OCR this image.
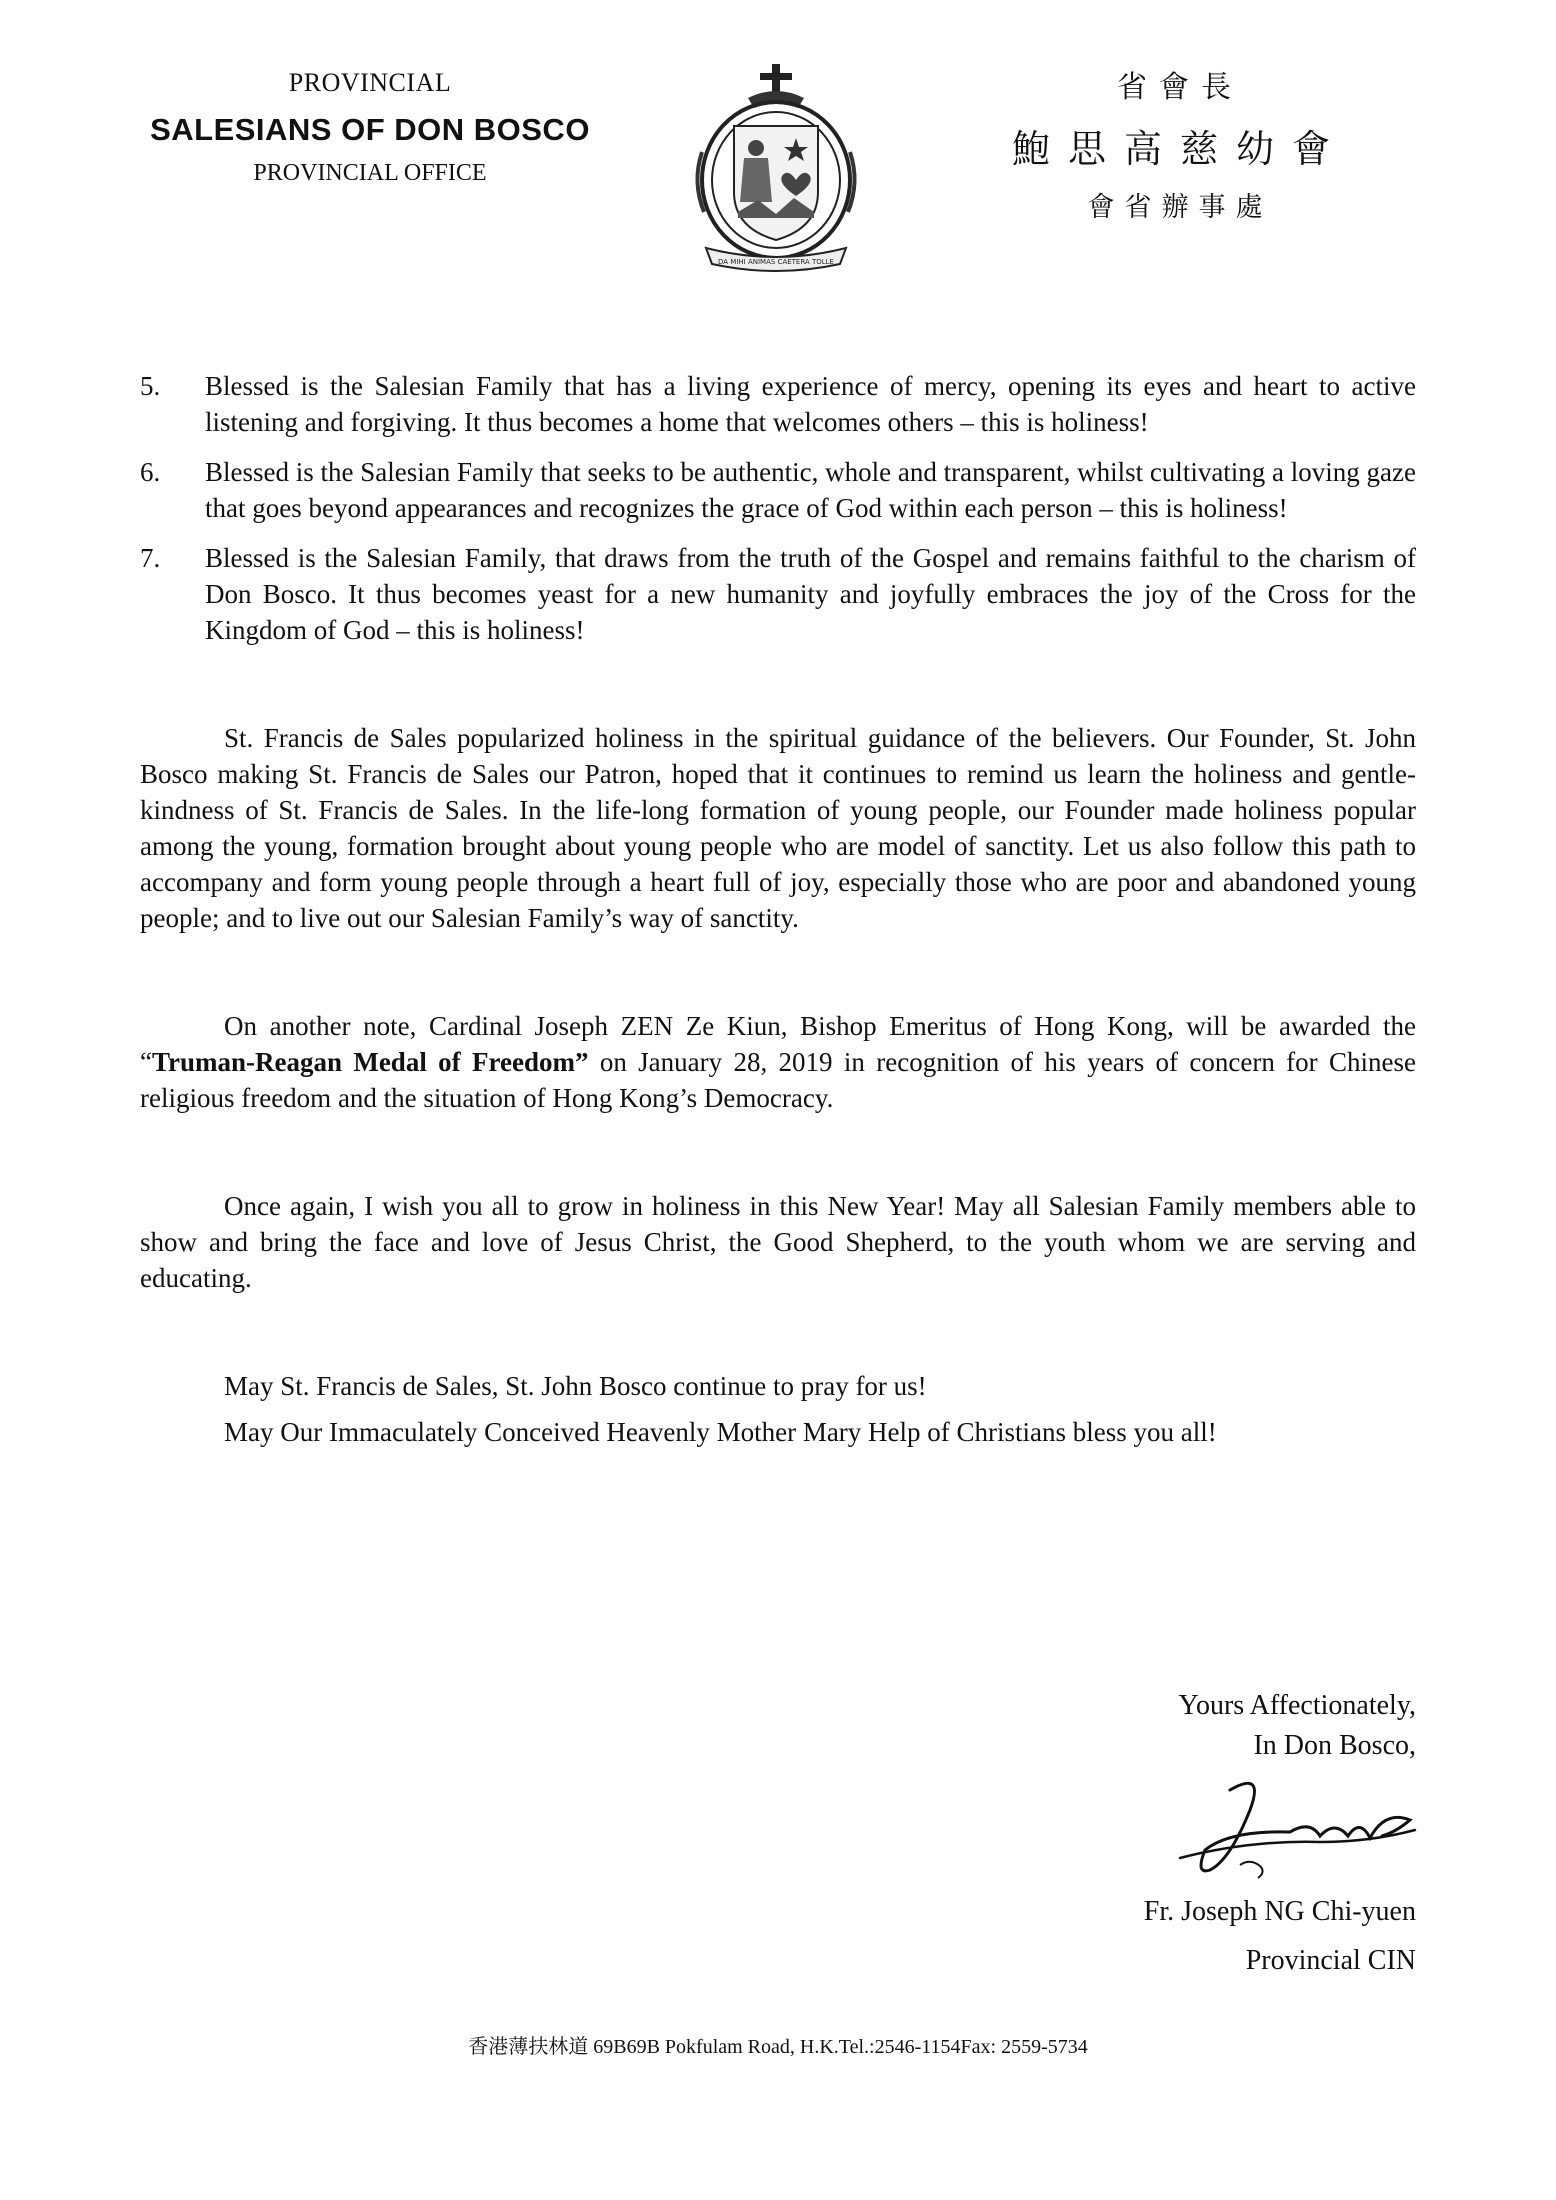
PROVINCIAL
SALESIANS OF DON BOSCO
PROVINCIAL OFFICE
DA MIHI ANIMAS CAETERA TOLLE
省會長
鮑思高慈幼會
會省辦事處
5.	Blessed is the Salesian Family that has a living experience of mercy, opening its eyes and heart to active listening and forgiving. It thus becomes a home that welcomes others – this is holiness!
6.	Blessed is the Salesian Family that seeks to be authentic, whole and transparent, whilst cultivating a loving gaze that goes beyond appearances and recognizes the grace of God within each person – this is holiness!
7.	Blessed is the Salesian Family, that draws from the truth of the Gospel and remains faithful to the charism of Don Bosco. It thus becomes yeast for a new humanity and joyfully embraces the joy of the Cross for the Kingdom of God – this is holiness!

St. Francis de Sales popularized holiness in the spiritual guidance of the believers. Our Founder, St. John Bosco making St. Francis de Sales our Patron, hoped that it continues to remind us learn the holiness and gentle-kindness of St. Francis de Sales. In the life-long formation of young people, our Founder made holiness popular among the young, formation brought about young people who are model of sanctity. Let us also follow this path to accompany and form young people through a heart full of joy, especially those who are poor and abandoned young people; and to live out our Salesian Family’s way of sanctity.

On another note, Cardinal Joseph ZEN Ze Kiun, Bishop Emeritus of Hong Kong, will be awarded the “Truman-Reagan Medal of Freedom” on January 28, 2019 in recognition of his years of concern for Chinese religious freedom and the situation of Hong Kong’s Democracy.

Once again, I wish you all to grow in holiness in this New Year! May all Salesian Family members able to show and bring the face and love of Jesus Christ, the Good Shepherd, to the youth whom we are serving and educating.

May St. Francis de Sales, St. John Bosco continue to pray for us!
May Our Immaculately Conceived Heavenly Mother Mary Help of Christians bless you all!
Yours Affectionately,
In Don Bosco,
Fr. Joseph NG Chi-yuen
Provincial CIN
香港薄扶林道 69B69B Pokfulam Road, H.K.Tel.:2546-1154Fax: 2559-5734
